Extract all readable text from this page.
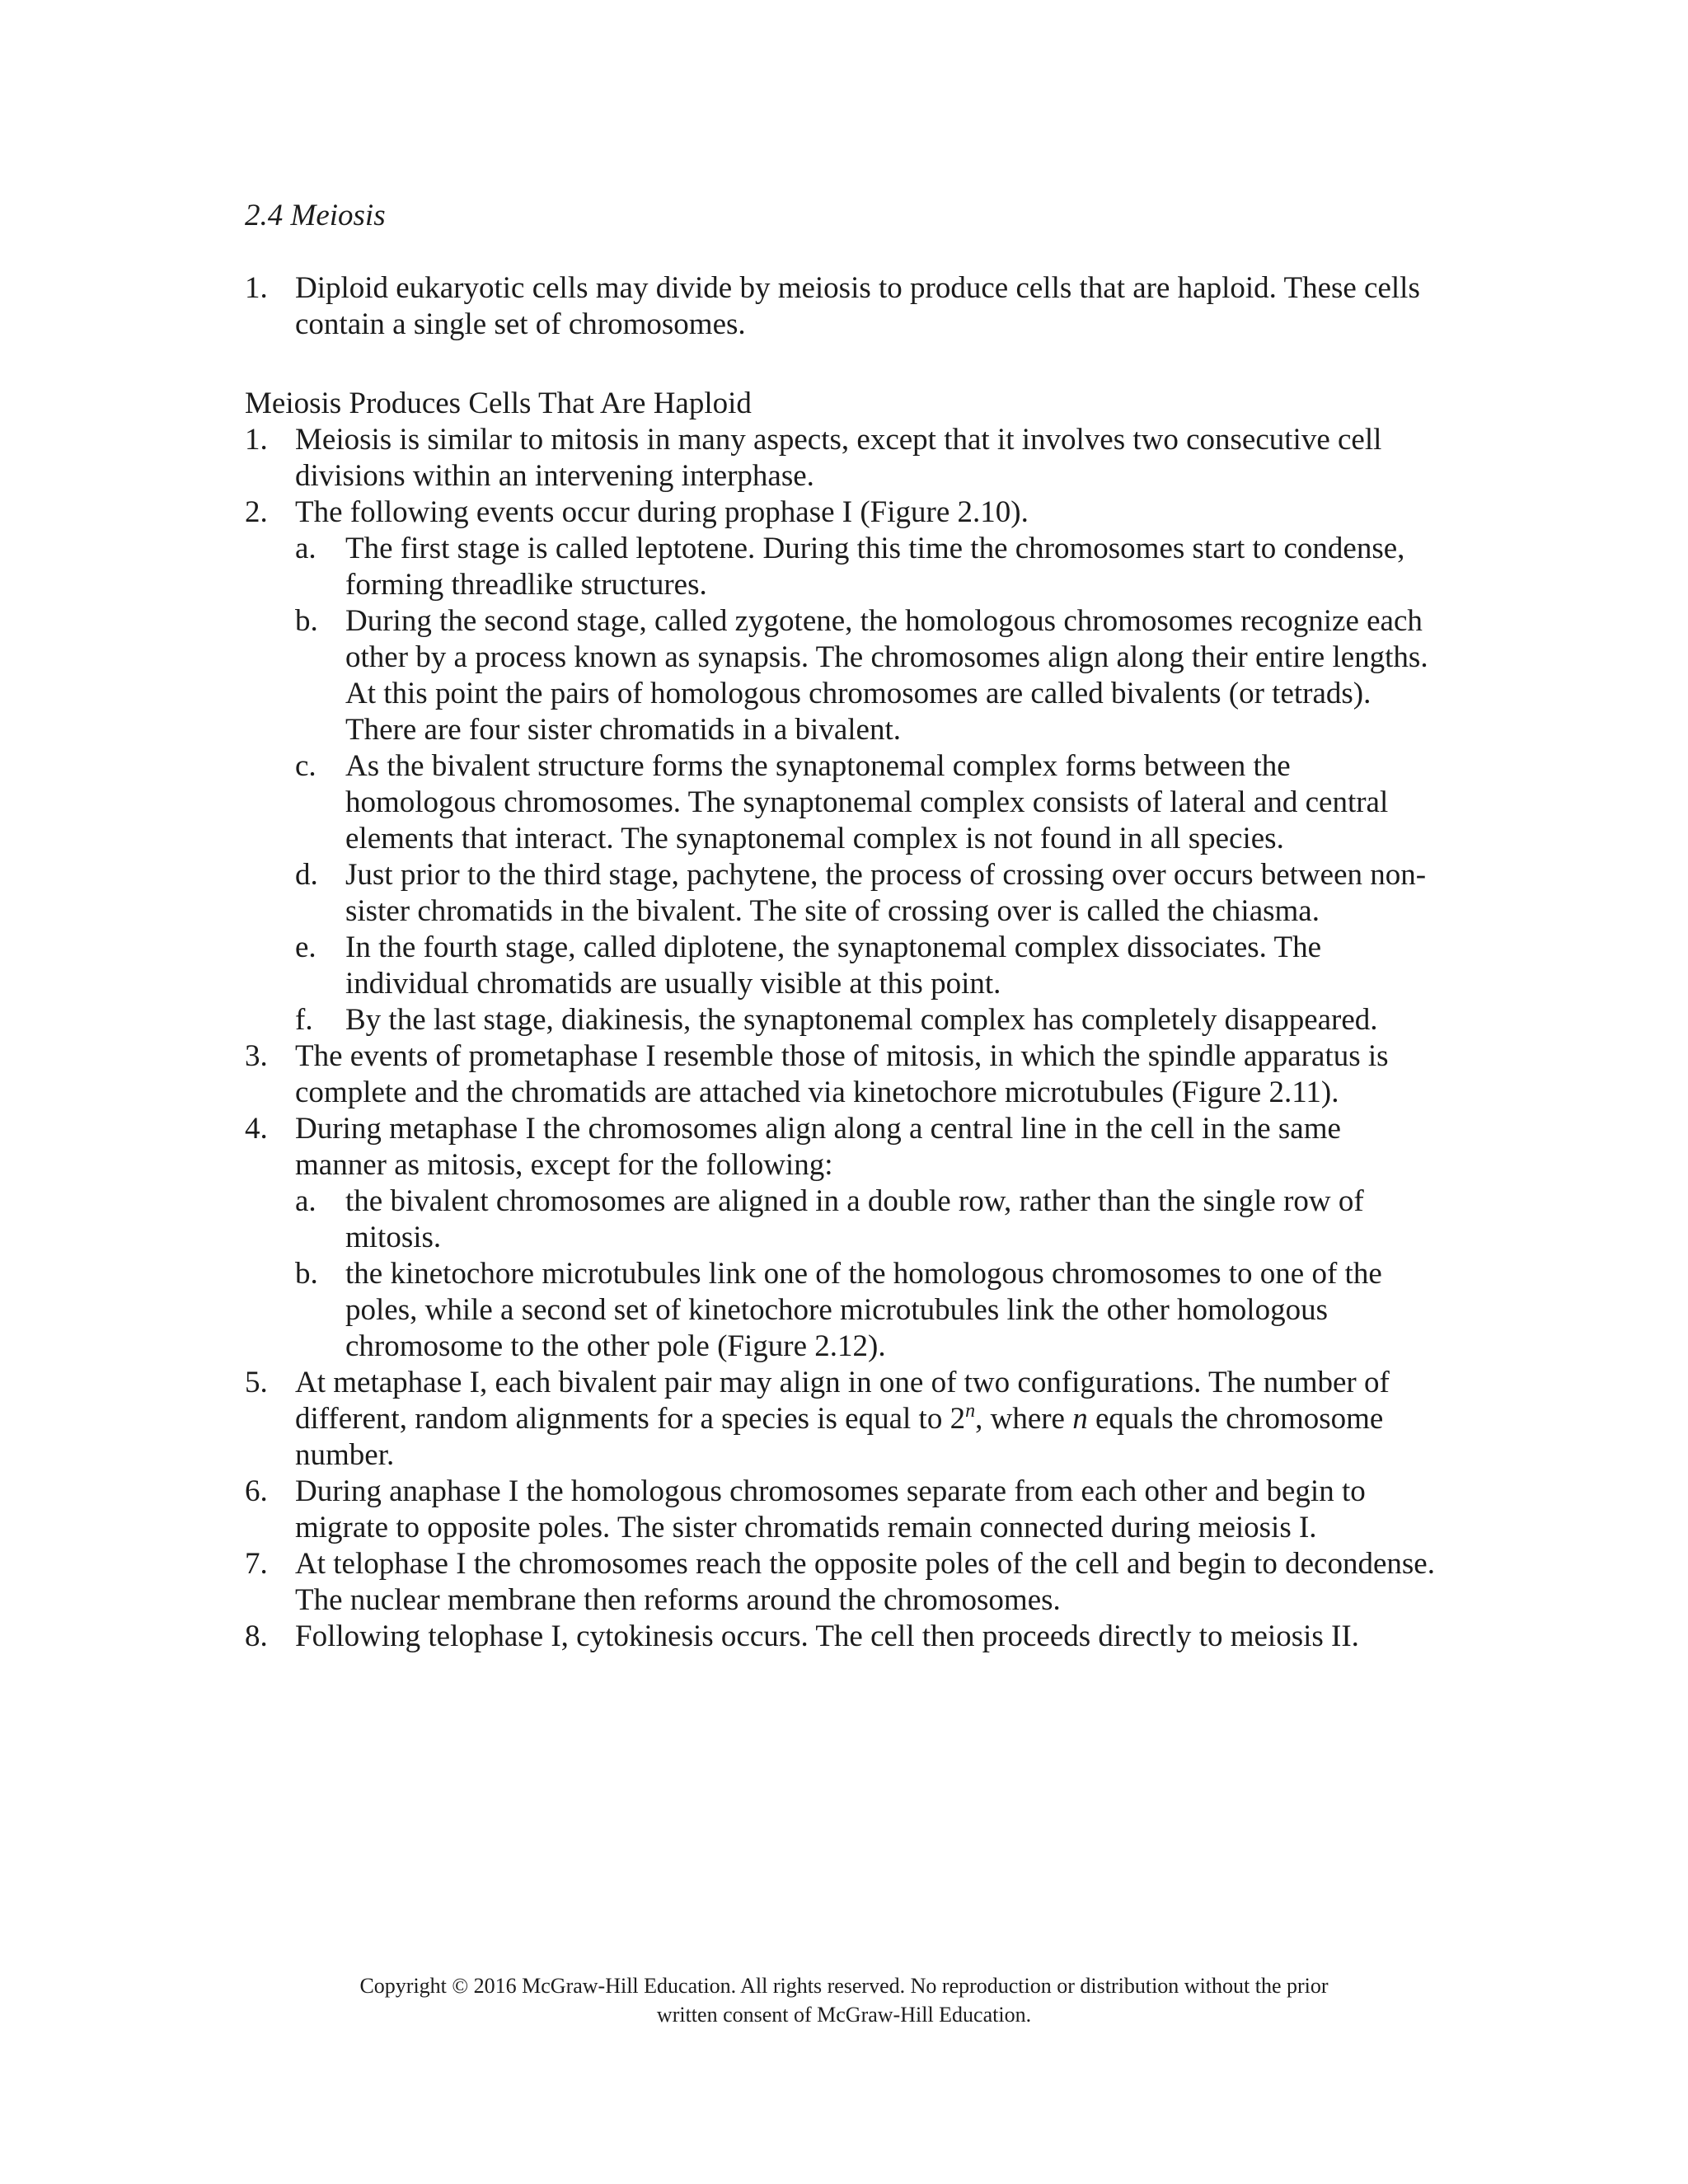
2.4 Meiosis

1. Diploid eukaryotic cells may divide by meiosis to produce cells that are haploid. These cells contain a single set of chromosomes.

Meiosis Produces Cells That Are Haploid

1. Meiosis is similar to mitosis in many aspects, except that it involves two consecutive cell divisions within an intervening interphase.

2. The following events occur during prophase I (Figure 2.10).

a. The first stage is called leptotene. During this time the chromosomes start to condense, forming threadlike structures.

b. During the second stage, called zygotene, the homologous chromosomes recognize each other by a process known as synapsis. The chromosomes align along their entire lengths. At this point the pairs of homologous chromosomes are called bivalents (or tetrads). There are four sister chromatids in a bivalent.

c. As the bivalent structure forms the synaptonemal complex forms between the homologous chromosomes. The synaptonemal complex consists of lateral and central elements that interact. The synaptonemal complex is not found in all species.

d. Just prior to the third stage, pachytene, the process of crossing over occurs between non-sister chromatids in the bivalent. The site of crossing over is called the chiasma.

e. In the fourth stage, called diplotene, the synaptonemal complex dissociates. The individual chromatids are usually visible at this point.

f. By the last stage, diakinesis, the synaptonemal complex has completely disappeared.

3. The events of prometaphase I resemble those of mitosis, in which the spindle apparatus is complete and the chromatids are attached via kinetochore microtubules (Figure 2.11).

4. During metaphase I the chromosomes align along a central line in the cell in the same manner as mitosis, except for the following:

a. the bivalent chromosomes are aligned in a double row, rather than the single row of mitosis.

b. the kinetochore microtubules link one of the homologous chromosomes to one of the poles, while a second set of kinetochore microtubules link the other homologous chromosome to the other pole (Figure 2.12).

5. At metaphase I, each bivalent pair may align in one of two configurations. The number of different, random alignments for a species is equal to 2$^n$, where n equals the chromosome number.

6. During anaphase I the homologous chromosomes separate from each other and begin to migrate to opposite poles. The sister chromatids remain connected during meiosis I.

7. At telophase I the chromosomes reach the opposite poles of the cell and begin to decondense. The nuclear membrane then reforms around the chromosomes.

8. Following telophase I, cytokinesis occurs. The cell then proceeds directly to meiosis II.

Copyright © 2016 McGraw-Hill Education. All rights reserved. No reproduction or distribution without the prior
written consent of McGraw-Hill Education.
